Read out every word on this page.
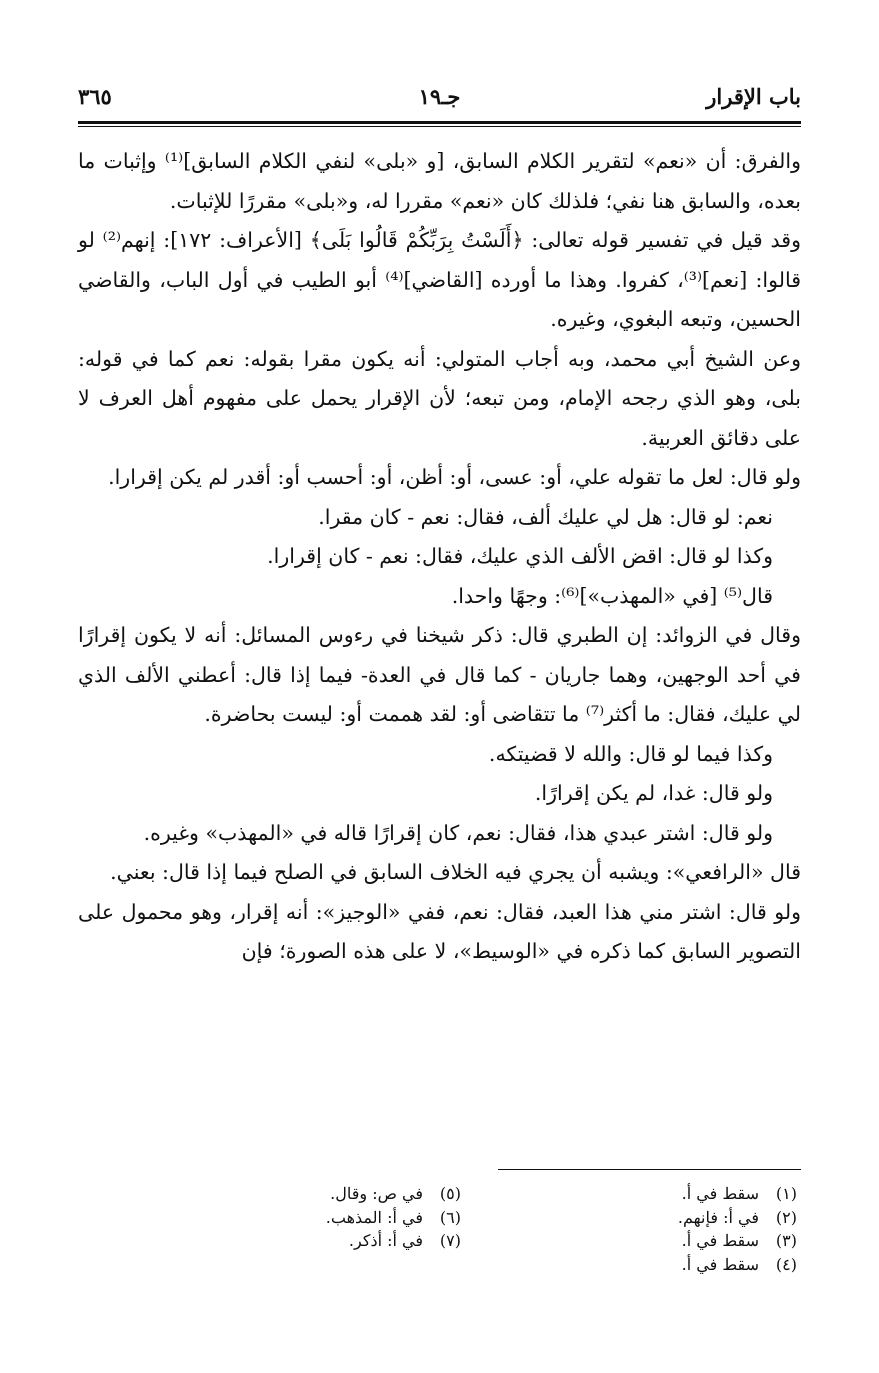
باب الإقرار
جـ١٩
٣٦٥

والفرق: أن «نعم» لتقرير الكلام السابق، [و «بلى» لنفي الكلام السابق]⁽¹⁾ وإثبات ما بعده، والسابق هنا نفي؛ فلذلك كان «نعم» مقررا له، و«بلى» مقررًا للإثبات.

وقد قيل في تفسير قوله تعالى: ﴿أَلَسْتُ بِرَبِّكُمْ قَالُوا بَلَى﴾ [الأعراف: ١٧٢]: إنهم⁽²⁾ لو قالوا: [نعم]⁽³⁾، كفروا. وهذا ما أورده [القاضي]⁽⁴⁾ أبو الطيب في أول الباب، والقاضي الحسين، وتبعه البغوي، وغيره.

وعن الشيخ أبي محمد، وبه أجاب المتولي: أنه يكون مقرا بقوله: نعم كما في قوله: بلى، وهو الذي رجحه الإمام، ومن تبعه؛ لأن الإقرار يحمل على مفهوم أهل العرف لا على دقائق العربية.

ولو قال: لعل ما تقوله علي، أو: عسى، أو: أظن، أو: أحسب أو: أقدر لم يكن إقرارا.

نعم: لو قال: هل لي عليك ألف، فقال: نعم - كان مقرا.

وكذا لو قال: اقض الألف الذي عليك، فقال: نعم - كان إقرارا.

قال⁽⁵⁾ [في «المهذب»]⁽⁶⁾: وجهًا واحدا.

وقال في الزوائد: إن الطبري قال: ذكر شيخنا في رءوس المسائل: أنه لا يكون إقرارًا في أحد الوجهين، وهما جاريان - كما قال في العدة- فيما إذا قال: أعطني الألف الذي لي عليك، فقال: ما أكثر⁽⁷⁾ ما تتقاضى أو: لقد هممت أو: ليست بحاضرة.

وكذا فيما لو قال: والله لا قضيتكه.

ولو قال: غدا، لم يكن إقرارًا.

ولو قال: اشتر عبدي هذا، فقال: نعم، كان إقرارًا قاله في «المهذب» وغيره.

قال «الرافعي»: ويشبه أن يجري فيه الخلاف السابق في الصلح فيما إذا قال: بعني.

ولو قال: اشتر مني هذا العبد، فقال: نعم، ففي «الوجيز»: أنه إقرار، وهو محمول على التصوير السابق كما ذكره في «الوسيط»، لا على هذه الصورة؛ فإن

(١)سقط في أ.
(٢)في أ: فإنهم.
(٣)سقط في أ.
(٤)سقط في أ.
(٥)في ص: وقال.
(٦)في أ: المذهب.
(٧)في أ: أذكر.
